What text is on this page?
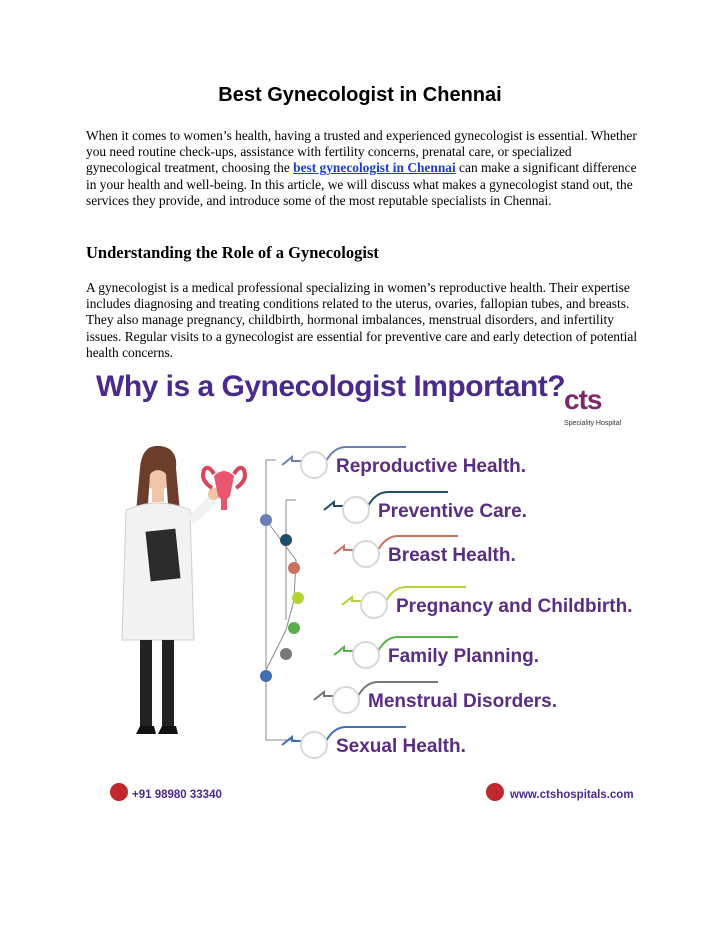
Best Gynecologist in Chennai

When it comes to women’s health, having a trusted and experienced gynecologist is essential. Whether you need routine check-ups, assistance with fertility concerns, prenatal care, or specialized gynecological treatment, choosing the best gynecologist in Chennai can make a significant difference in your health and well-being. In this article, we will discuss what makes a gynecologist stand out, the services they provide, and introduce some of the most reputable specialists in Chennai.

Understanding the Role of a Gynecologist

A gynecologist is a medical professional specializing in women’s reproductive health. Their expertise includes diagnosing and treating conditions related to the uterus, ovaries, fallopian tubes, and breasts. They also manage pregnancy, childbirth, hormonal imbalances, menstrual disorders, and infertility issues. Regular visits to a gynecologist are essential for preventive care and early detection of potential health concerns.

Why is a Gynecologist Important?
cts
Speciality Hospital
Reproductive Health.
Preventive Care.
Breast Health.
Pregnancy and Childbirth.
Family Planning.
Menstrual Disorders.
Sexual Health.
+91 98980 33340	www.ctshospitals.com
